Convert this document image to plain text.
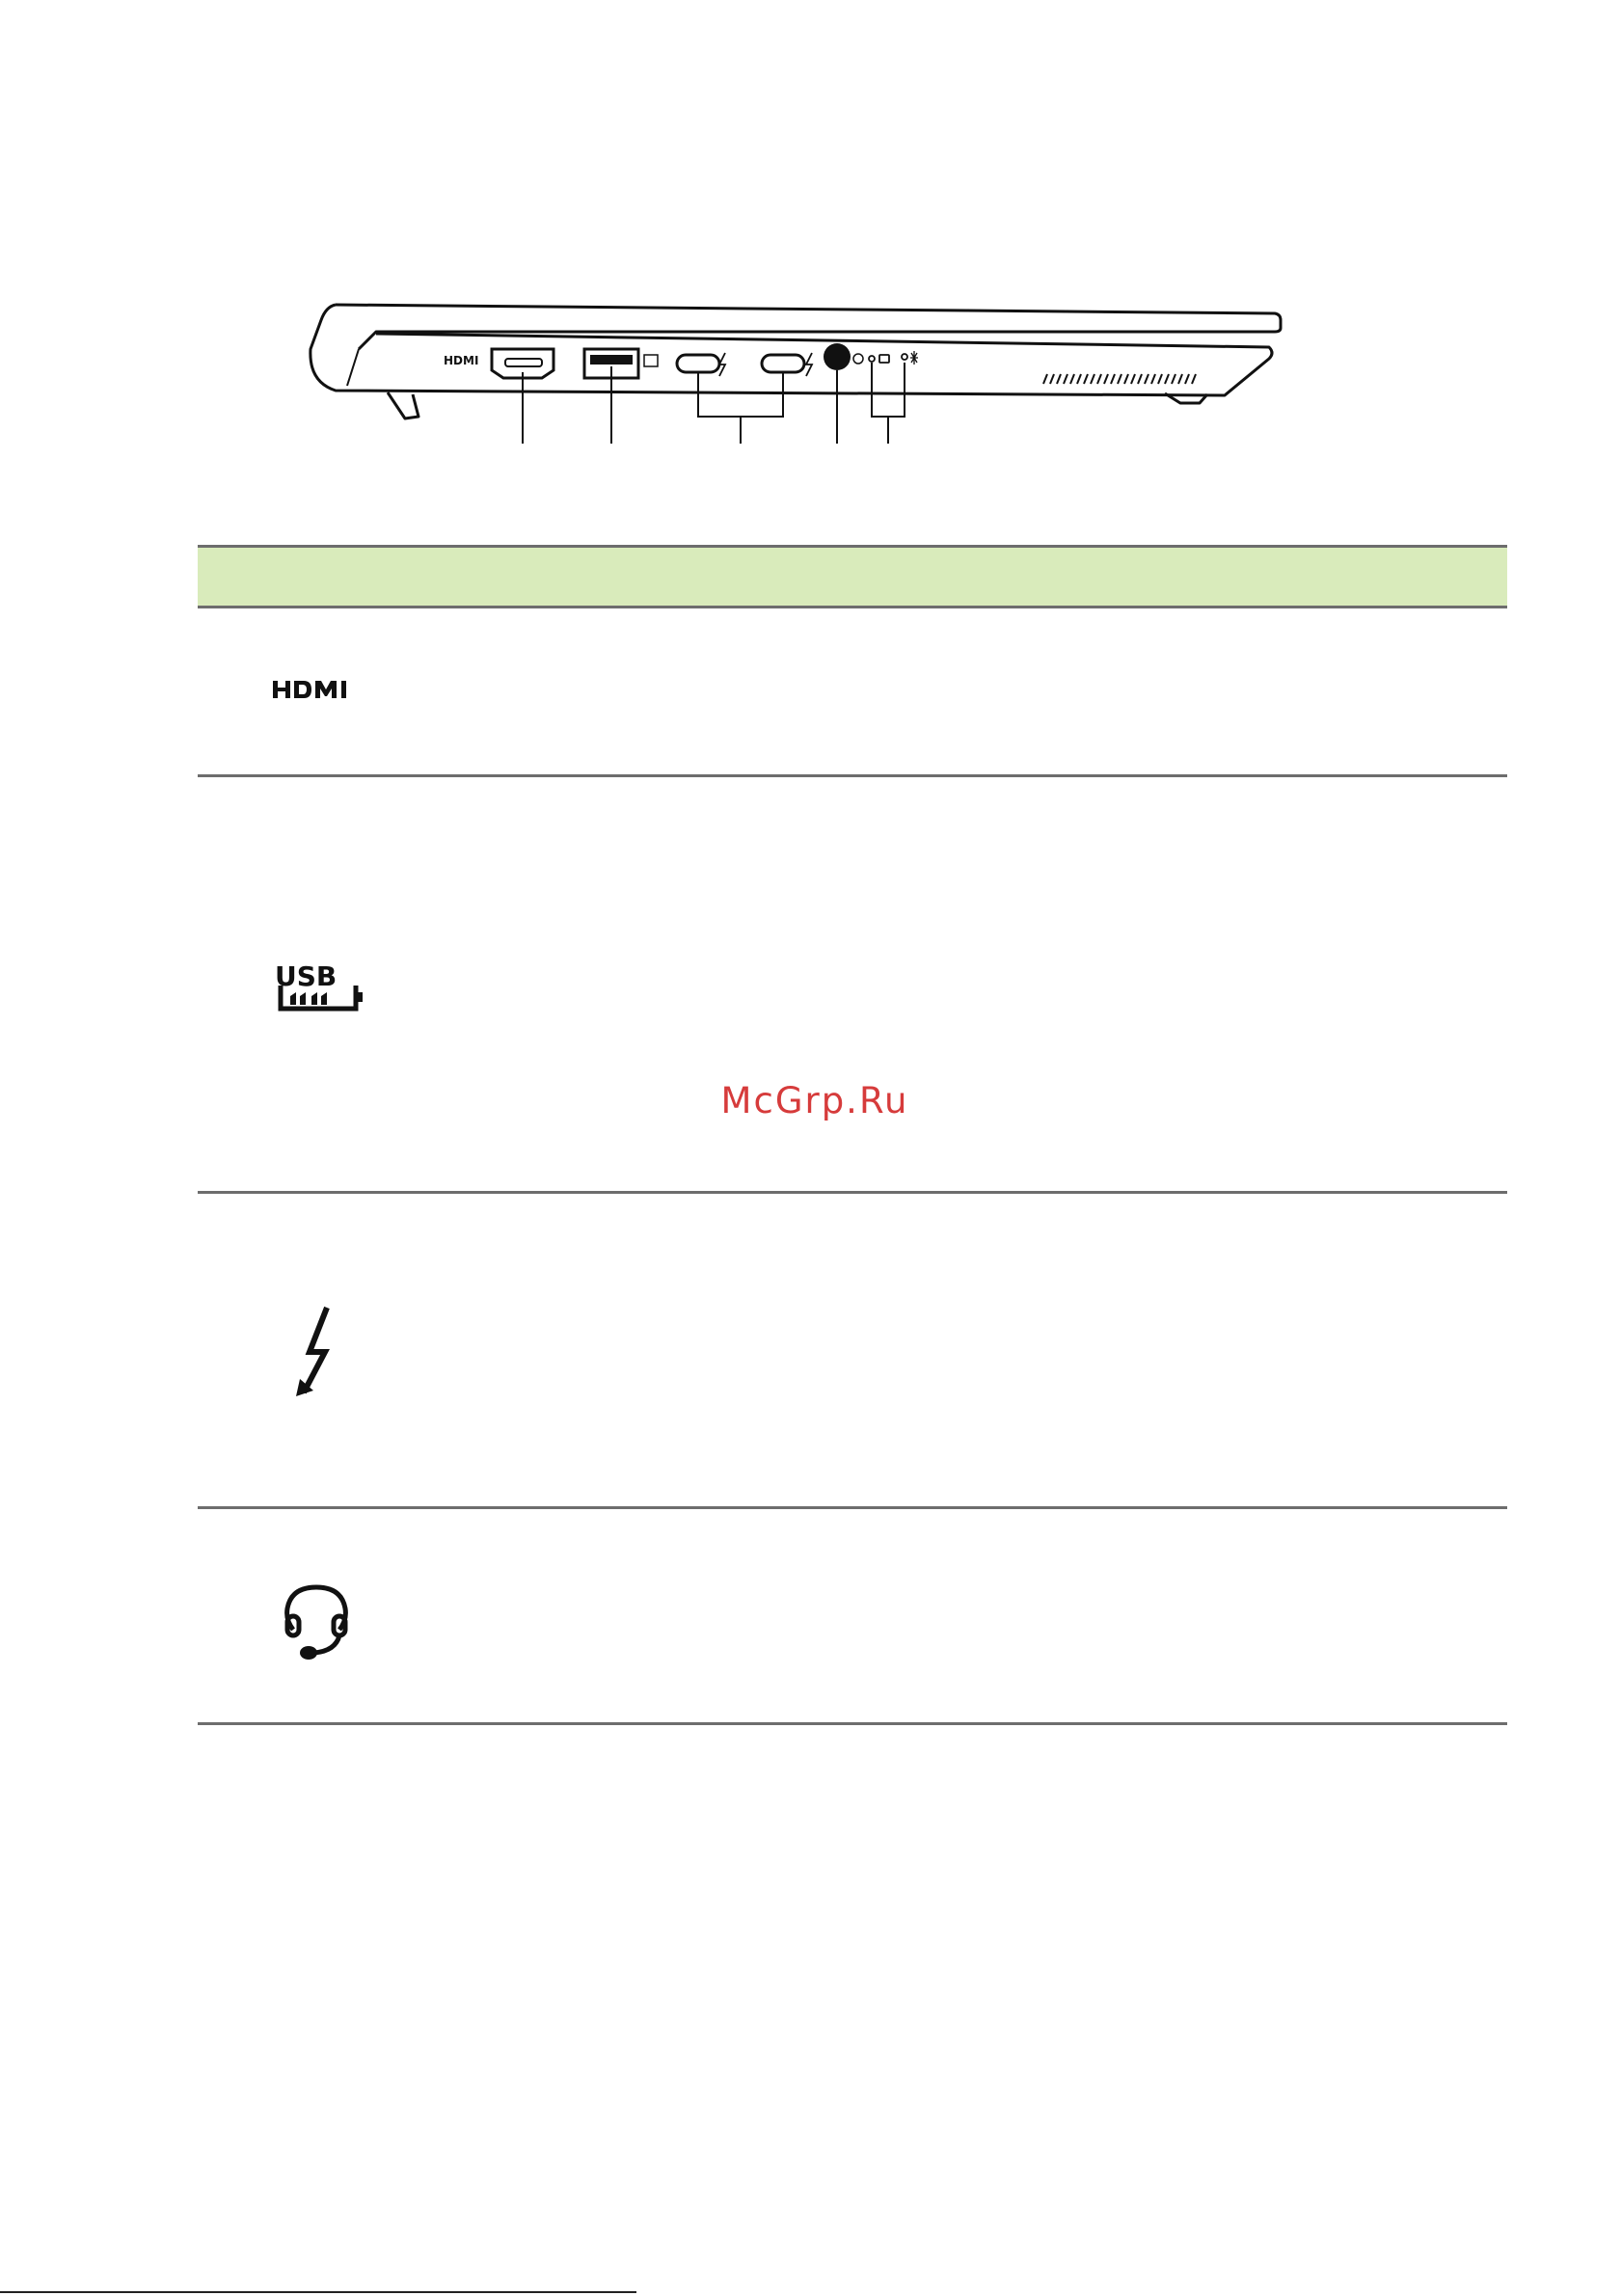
HDMI
USB
McGrp.Ru
